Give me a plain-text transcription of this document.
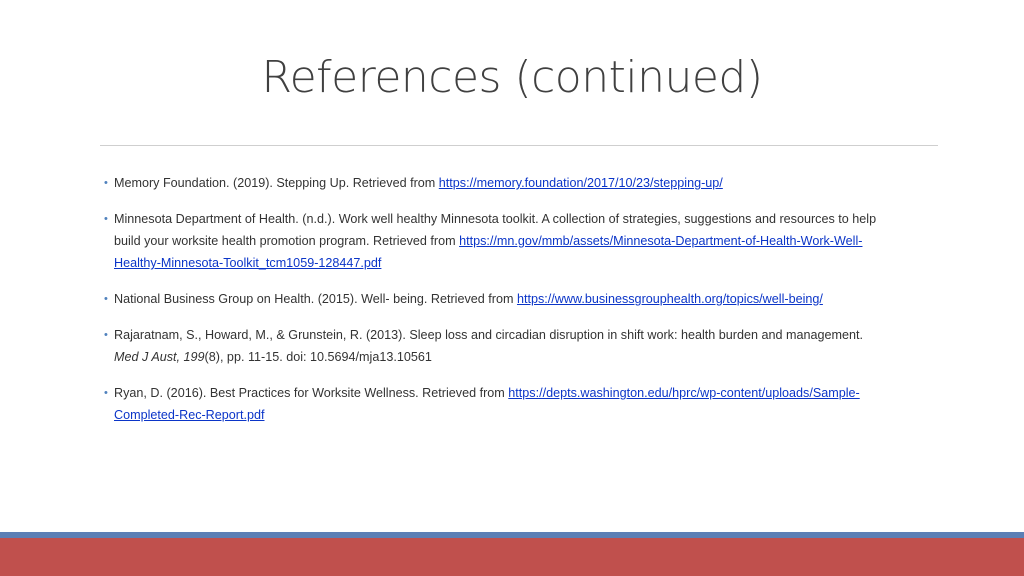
References (continued)
• Memory Foundation. (2019). Stepping Up. Retrieved from https://memory.foundation/2017/10/23/stepping-up/
• Minnesota Department of Health. (n.d.). Work well healthy Minnesota toolkit. A collection of strategies, suggestions and resources to help build your worksite health promotion program. Retrieved from https://mn.gov/mmb/assets/Minnesota-Department-of-Health-Work-Well-Healthy-Minnesota-Toolkit_tcm1059-128447.pdf
• National Business Group on Health. (2015). Well- being. Retrieved from https://www.businessgrouphealth.org/topics/well-being/
• Rajaratnam, S., Howard, M., & Grunstein, R. (2013). Sleep loss and circadian disruption in shift work: health burden and management. Med J Aust, 199(8), pp. 11-15. doi: 10.5694/mja13.10561
• Ryan, D. (2016). Best Practices for Worksite Wellness. Retrieved from https://depts.washington.edu/hprc/wp-content/uploads/Sample-Completed-Rec-Report.pdf
